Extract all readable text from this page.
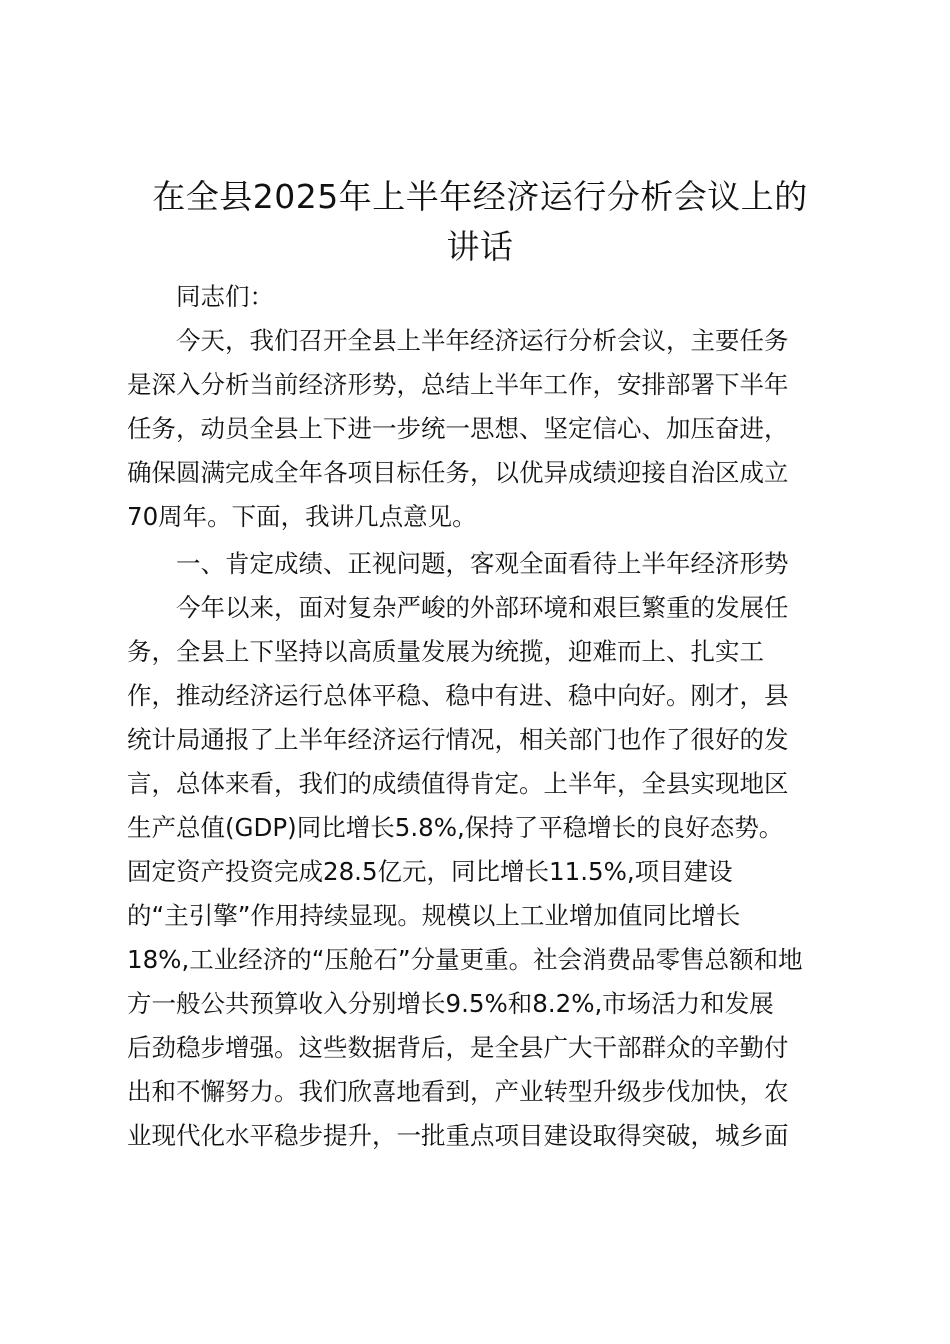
在全县2025年上半年经济运行分析会议上的
讲话
同志们：
今天，我们召开全县上半年经济运行分析会议，主要任务
是深入分析当前经济形势，总结上半年工作，安排部署下半年
任务，动员全县上下进一步统一思想、坚定信心、加压奋进，
确保圆满完成全年各项目标任务，以优异成绩迎接自治区成立
70周年。下面，我讲几点意见。
一、肯定成绩、正视问题，客观全面看待上半年经济形势
今年以来，面对复杂严峻的外部环境和艰巨繁重的发展任
务，全县上下坚持以高质量发展为统揽，迎难而上、扎实工
作，推动经济运行总体平稳、稳中有进、稳中向好。刚才，县
统计局通报了上半年经济运行情况，相关部门也作了很好的发
言，总体来看，我们的成绩值得肯定。上半年，全县实现地区
生产总值(GDP)同比增长5.8%,保持了平稳增长的良好态势。
固定资产投资完成28.5亿元，同比增长11.5%,项目建设
的“主引擎”作用持续显现。规模以上工业增加值同比增长
18%,工业经济的“压舱石”分量更重。社会消费品零售总额和地
方一般公共预算收入分别增长9.5%和8.2%,市场活力和发展
后劲稳步增强。这些数据背后，是全县广大干部群众的辛勤付
出和不懈努力。我们欣喜地看到，产业转型升级步伐加快，农
业现代化水平稳步提升，一批重点项目建设取得突破，城乡面
